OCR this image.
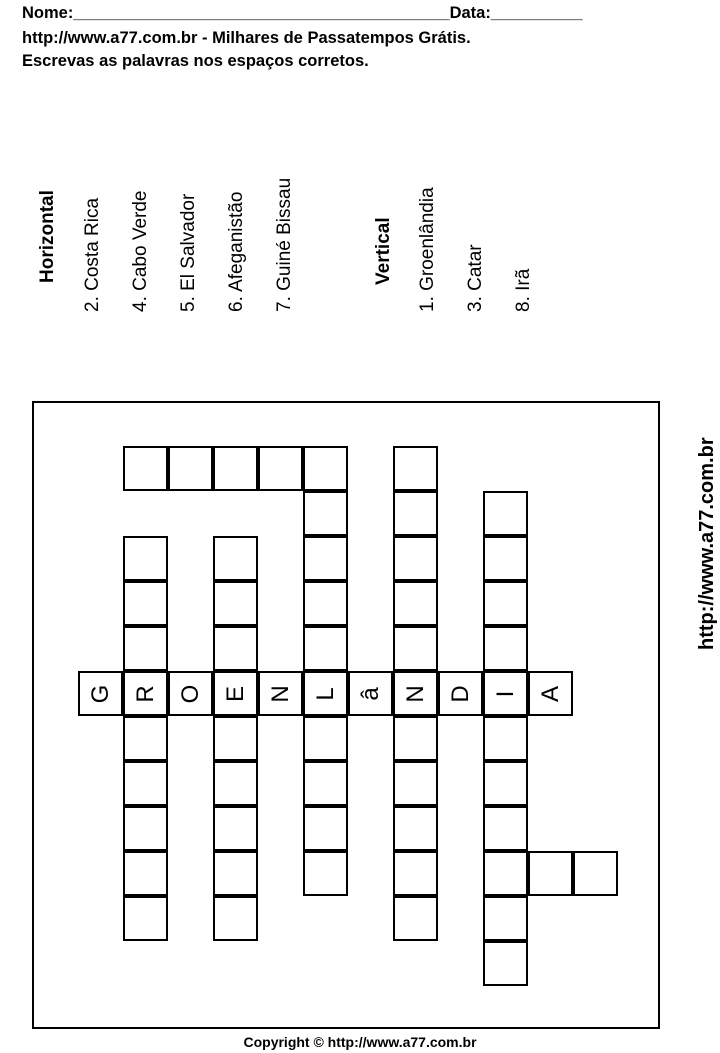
Nome:_________________________________________Data:__________
http://www.a77.com.br - Milhares de Passatempos Grátis.
Escrevas as palavras nos espaços corretos.
Horizontal 2. Costa Rica 4. Cabo Verde 5. El Salvador 6. Afeganistão 7. Guiné Bissau	Vertical 1. Groenlândia 3. Catar 8. Irã
http://www.a77.com.br
R	E	L	N	I
G	O	N	â	D	A
Copyright © http://www.a77.com.br
